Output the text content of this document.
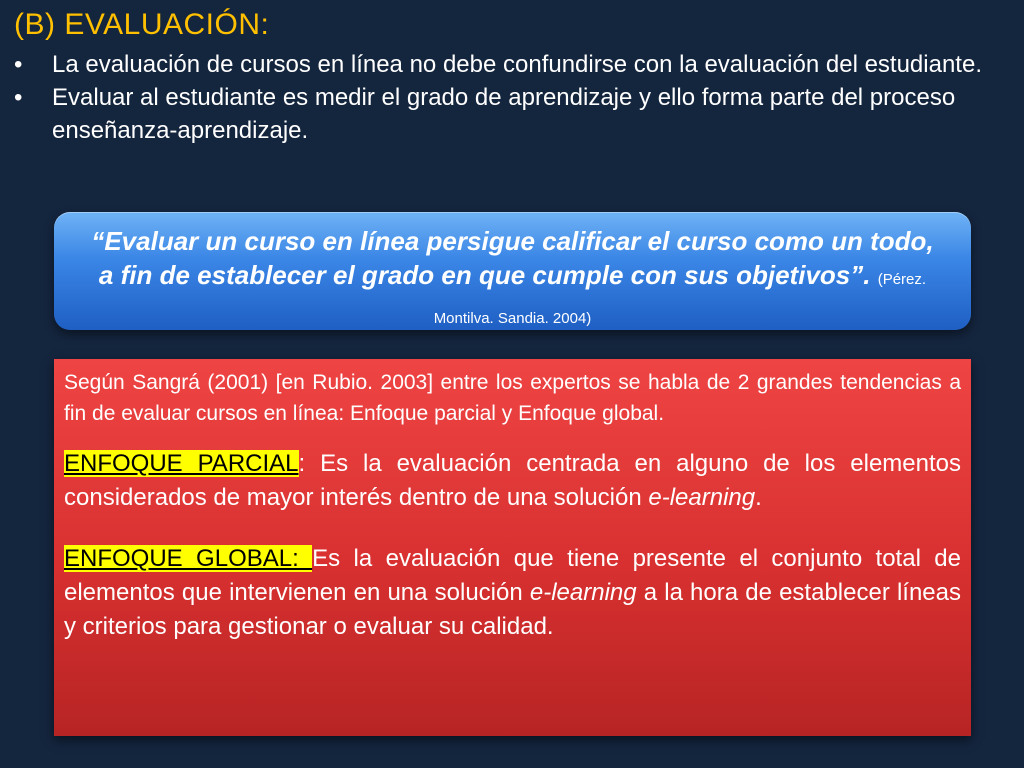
(B) EVALUACIÓN:
• La evaluación de cursos en línea no debe confundirse con la evaluación del estudiante.
• Evaluar al estudiante es medir el grado de aprendizaje y ello forma parte del proceso enseñanza-aprendizaje.
“Evaluar un curso en línea persigue calificar el curso como un todo, a fin de establecer el grado en que cumple con sus objetivos”. (Pérez. Montilva. Sandia. 2004)

Según Sangrá (2001) [en Rubio. 2003] entre los expertos se habla de 2 grandes tendencias a fin de evaluar cursos en línea: Enfoque parcial y Enfoque global.

ENFOQUE PARCIAL: Es la evaluación centrada en alguno de los elementos considerados de mayor interés dentro de una solución e-learning.

ENFOQUE GLOBAL: Es la evaluación que tiene presente el conjunto total de elementos que intervienen en una solución e-learning a la hora de establecer líneas y criterios para gestionar o evaluar su calidad.
